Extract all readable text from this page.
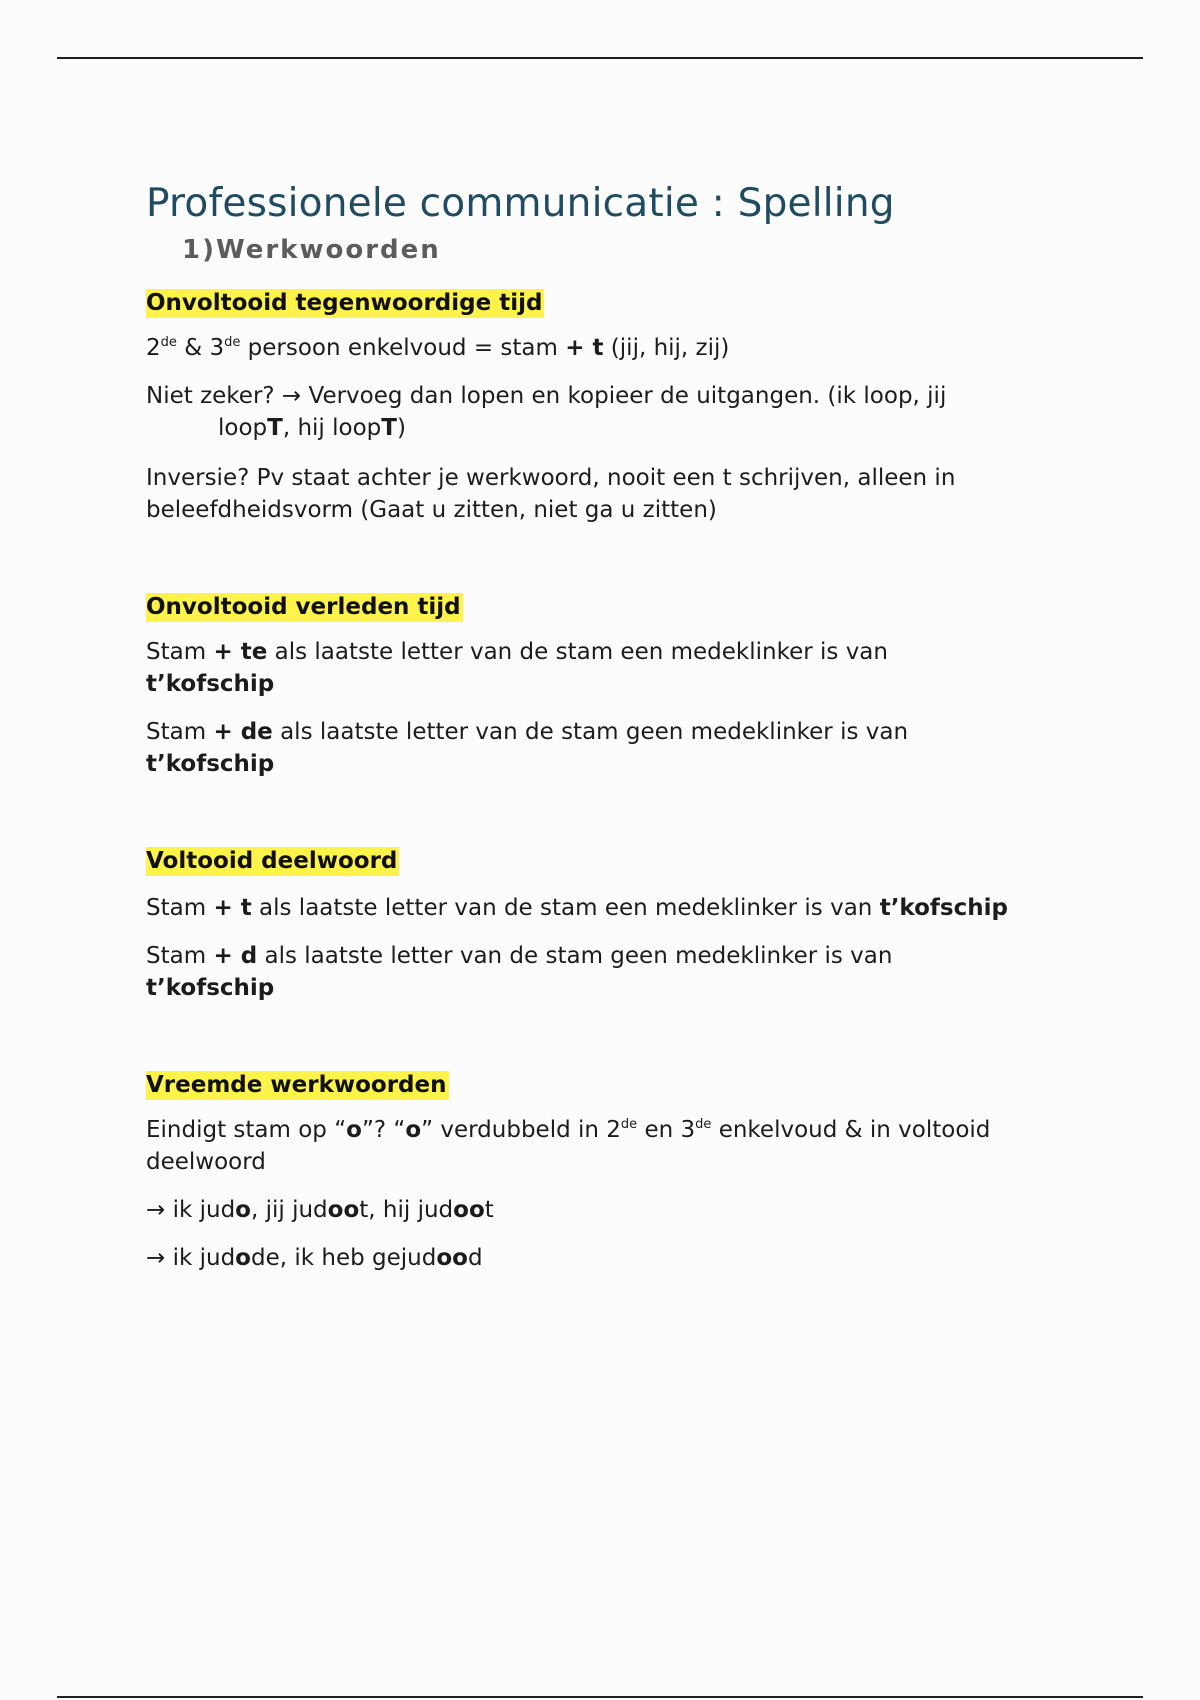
Professionele communicatie : Spelling
1)Werkwoorden
Onvoltooid tegenwoordige tijd

2de & 3de persoon enkelvoud = stam + t (jij, hij, zij)

Niet zeker? → Vervoeg dan lopen en kopieer de uitgangen. (ik loop, jij
loopT, hij loopT)

Inversie? Pv staat achter je werkwoord, nooit een t schrijven, alleen in
beleefdheidsvorm (Gaat u zitten, niet ga u zitten)

Onvoltooid verleden tijd

Stam + te als laatste letter van de stam een medeklinker is van
t’kofschip

Stam + de als laatste letter van de stam geen medeklinker is van
t’kofschip

Voltooid deelwoord

Stam + t als laatste letter van de stam een medeklinker is van t’kofschip

Stam + d als laatste letter van de stam geen medeklinker is van
t’kofschip

Vreemde werkwoorden

Eindigt stam op “o”? “o” verdubbeld in 2de en 3de enkelvoud & in voltooid
deelwoord

→ ik judo, jij judoot, hij judoot

→ ik judode, ik heb gejudood
